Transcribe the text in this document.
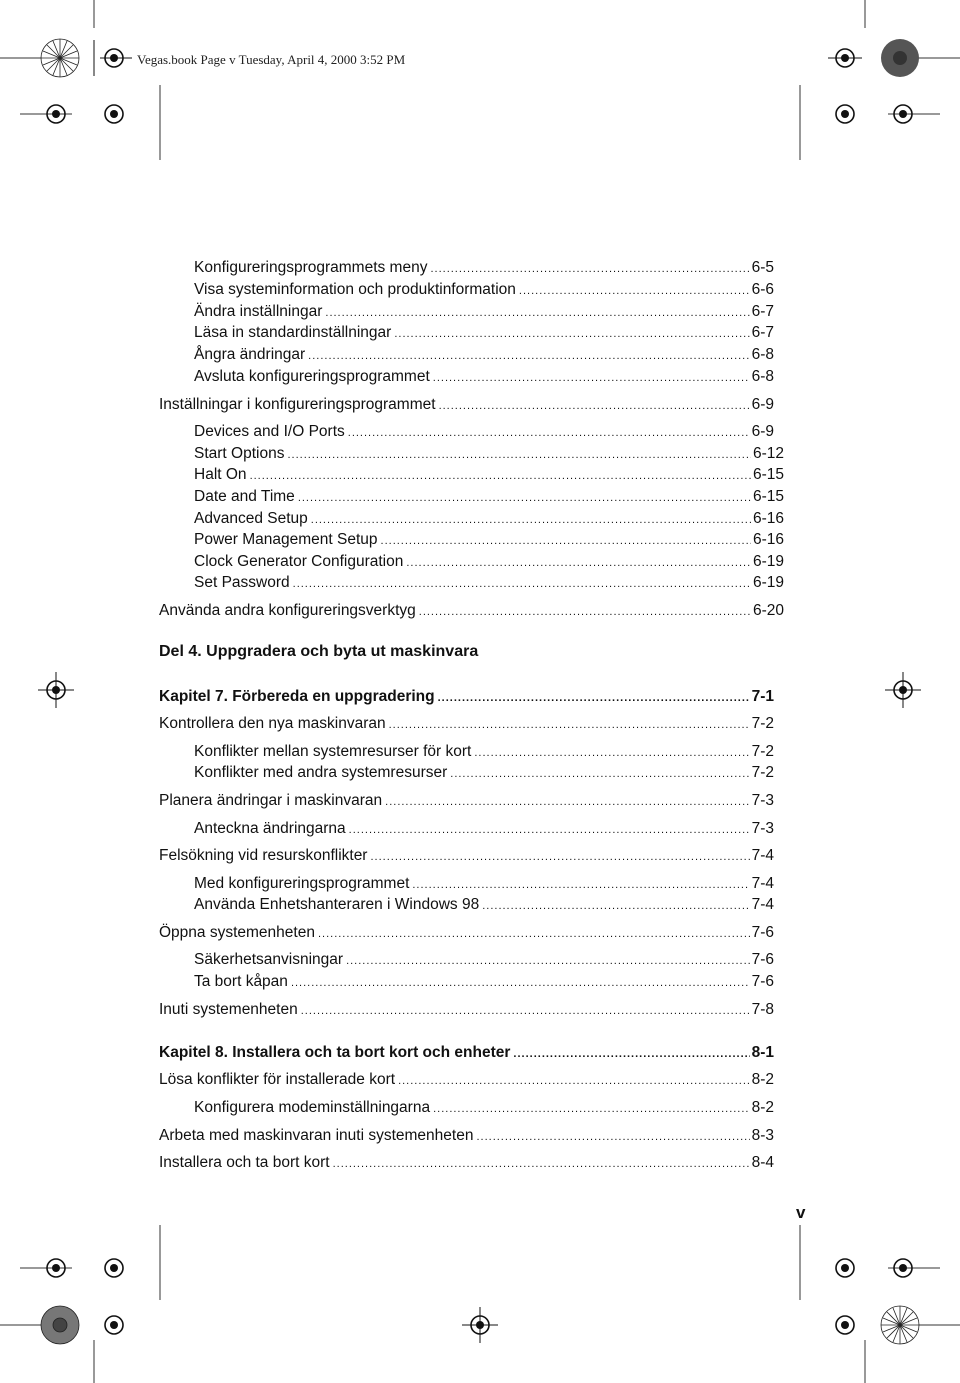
Vegas.book Page v Tuesday, April 4, 2000 3:52 PM
Konfigureringsprogrammets meny .....	6-5
Visa systeminformation och produktinformation .....	6-6
Ändra inställningar .....	6-7
Läsa in standardinställningar .....	6-7
Ångra ändringar .....	6-8
Avsluta konfigureringsprogrammet .....	6-8
Inställningar i konfigureringsprogrammet .....	6-9
Devices and I/O Ports .....	6-9
Start Options .....	6-12
Halt On .....	6-15
Date and Time .....	6-15
Advanced Setup .....	6-16
Power Management Setup .....	6-16
Clock Generator Configuration .....	6-19
Set Password .....	6-19
Använda andra konfigureringsverktyg .....	6-20
Del 4. Uppgradera och byta ut maskinvara
Kapitel 7. Förbereda en uppgradering .....	7-1
Kontrollera den nya maskinvaran .....	7-2
Konflikter mellan systemresurser för kort .....	7-2
Konflikter med andra systemresurser .....	7-2
Planera ändringar i maskinvaran .....	7-3
Anteckna ändringarna .....	7-3
Felsökning vid resurskonflikter .....	7-4
Med konfigureringsprogrammet .....	7-4
Använda Enhetshanteraren i Windows 98 .....	7-4
Öppna systemenheten .....	7-6
Säkerhetsanvisningar .....	7-6
Ta bort kåpan .....	7-6
Inuti systemenheten .....	7-8
Kapitel 8. Installera och ta bort kort och enheter .....	8-1
Lösa konflikter för installerade kort .....	8-2
Konfigurera modeminställningarna .....	8-2
Arbeta med maskinvaran inuti systemenheten .....	8-3
Installera och ta bort kort .....	8-4
v
